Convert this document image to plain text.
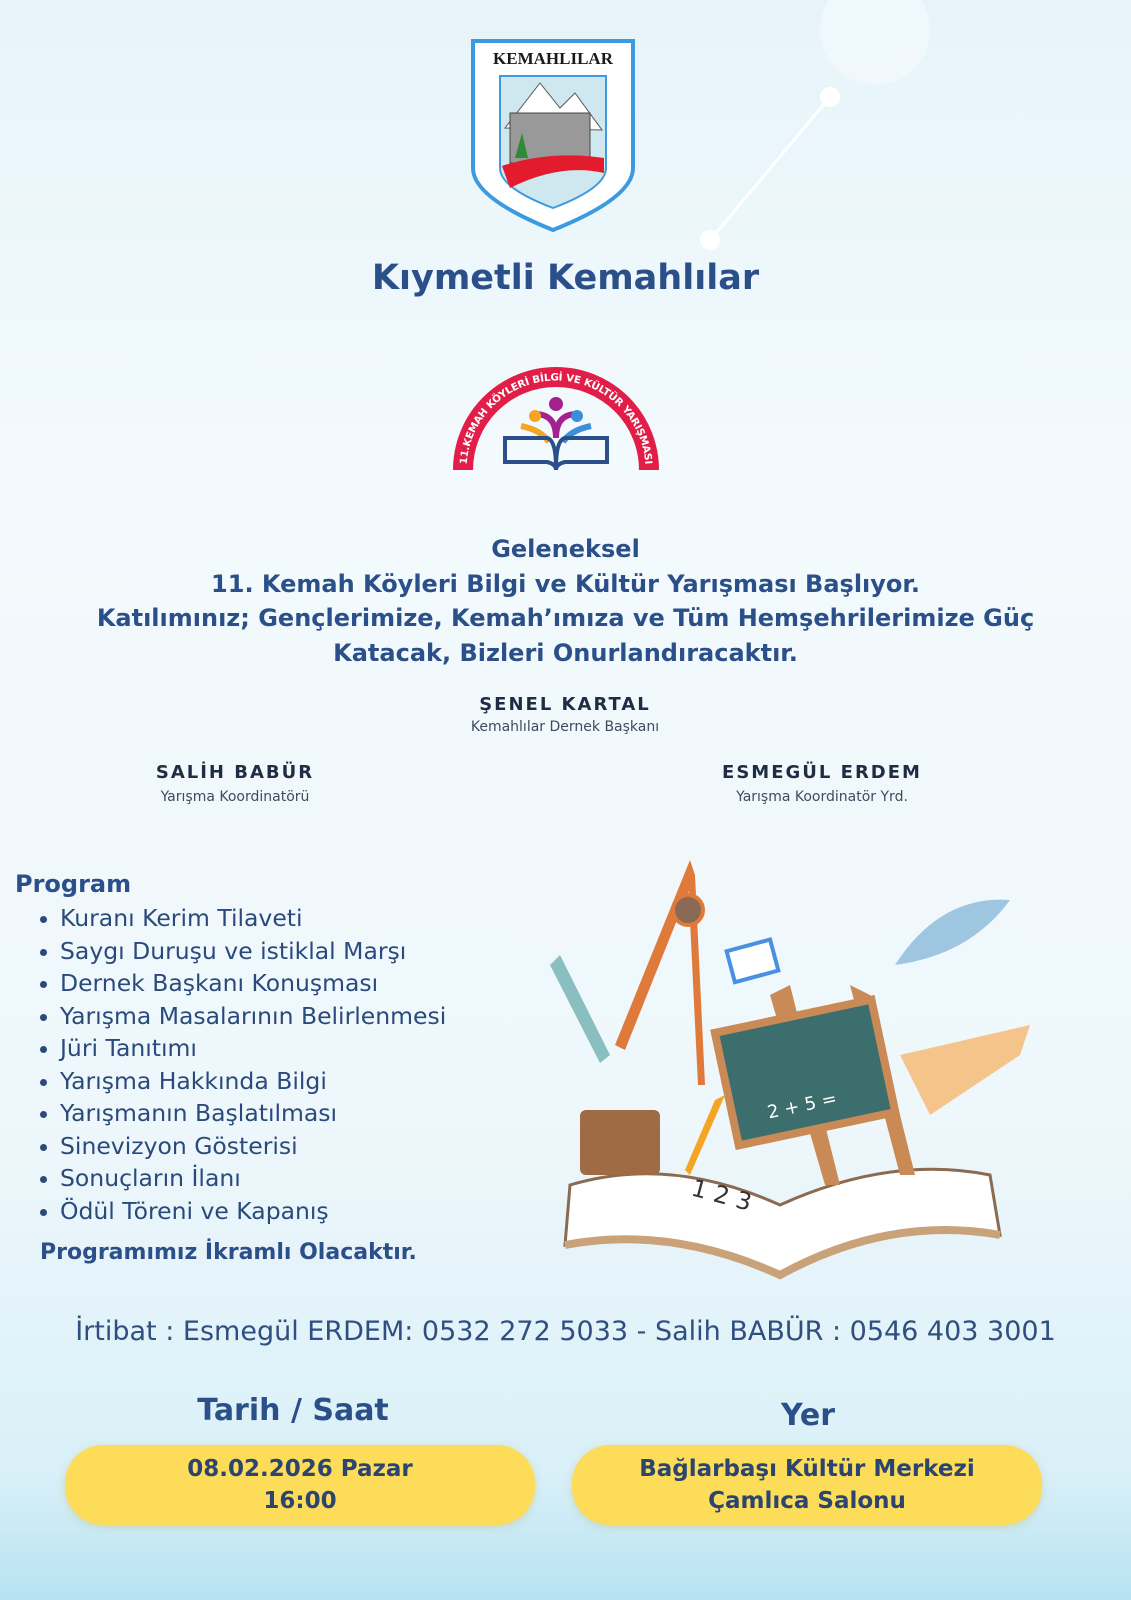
KEMAHLILAR
Kıymetli Kemahlılar
11.KEMAH KÖYLERİ BİLGİ VE KÜLTÜR YARIŞMASI
Geleneksel
11. Kemah Köyleri Bilgi ve Kültür Yarışması Başlıyor.
Katılımınız; Gençlerimize, Kemah’ımıza ve Tüm Hemşehrilerimize Güç
Katacak, Bizleri Onurlandıracaktır.
ŞENEL KARTAL
Kemahlılar Dernek Başkanı
SALİH BABÜR
Yarışma Koordinatörü
ESMEGÜL ERDEM
Yarışma Koordinatör Yrd.
Program
Kuranı Kerim Tilaveti
Saygı Duruşu ve istiklal Marşı
Dernek Başkanı Konuşması
Yarışma Masalarının Belirlenmesi
Jüri Tanıtımı
Yarışma Hakkında Bilgi
Yarışmanın Başlatılması
Sinevizyon Gösterisi
Sonuçların İlanı
Ödül Töreni ve Kapanış
Programımız İkramlı Olacaktır.
1 2 3
2 + 5 =
İrtibat : Esmegül ERDEM: 0532 272 5033 - Salih BABÜR : 0546 403 3001
Tarih / Saat	Yer
08.02.2026 Pazar
16:00
Bağlarbaşı Kültür Merkezi
Çamlıca Salonu
